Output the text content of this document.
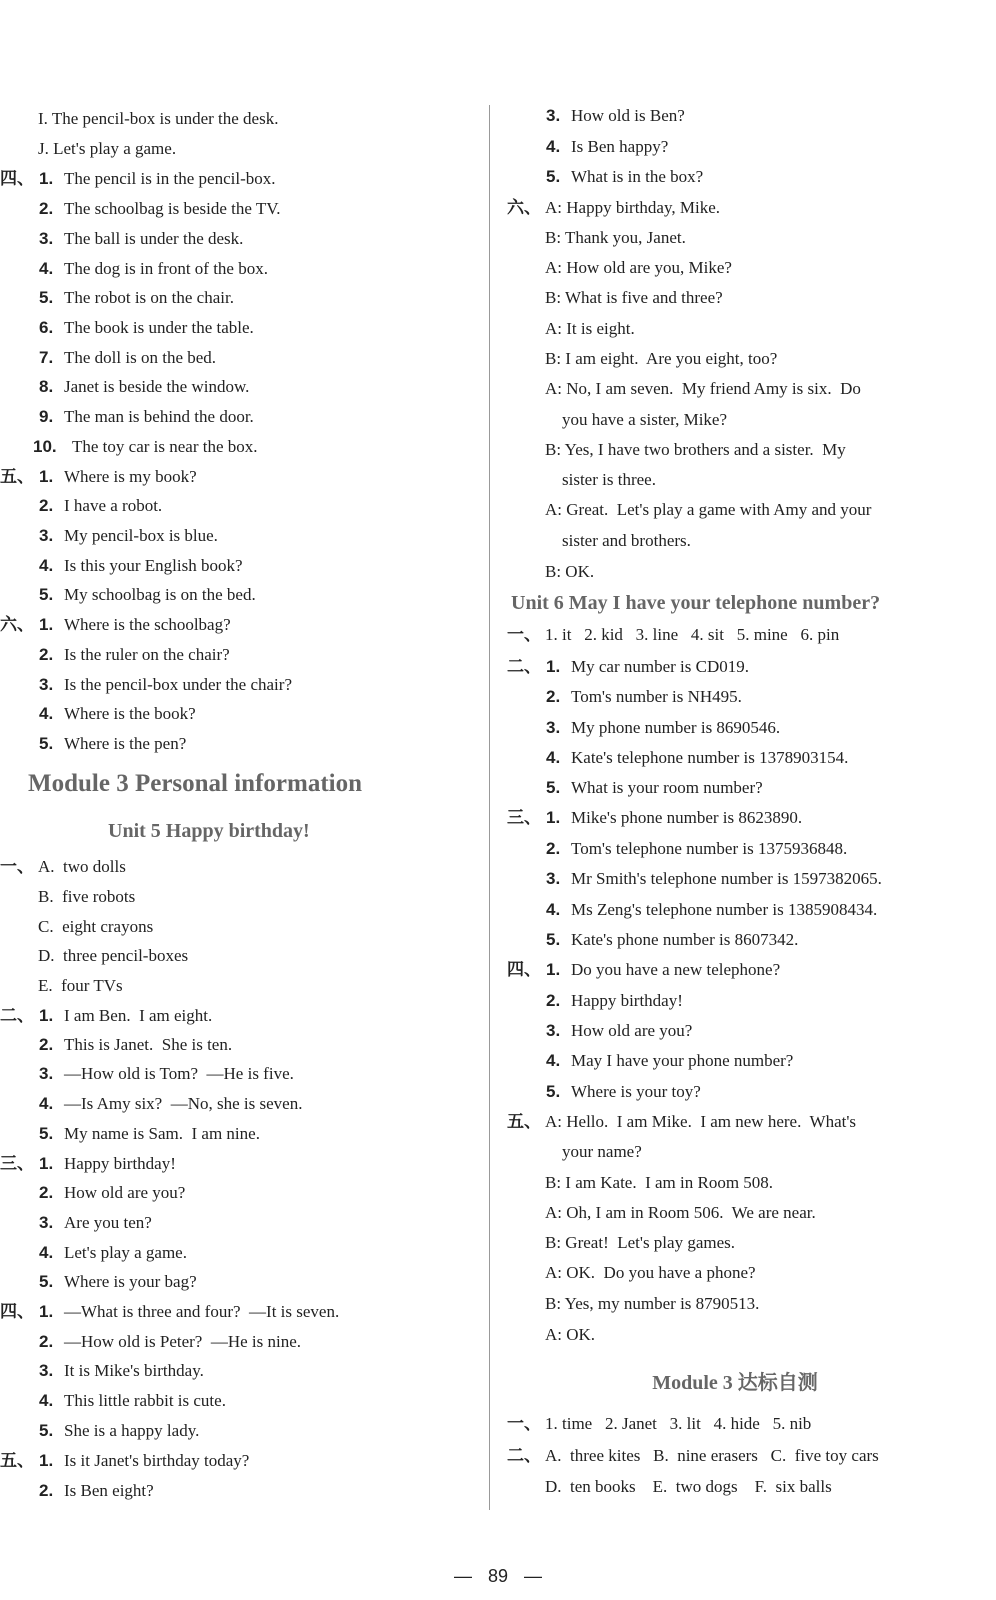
I. The pencil-box is under the desk.
J. Let's play a game.
四、 1. The pencil is in the pencil-box.
2. The schoolbag is beside the TV.
3. The ball is under the desk.
4. The dog is in front of the box.
5. The robot is on the chair.
6. The book is under the table.
7. The doll is on the bed.
8. Janet is beside the window.
9. The man is behind the door.
10. The toy car is near the box.
五、 1. Where is my book?
2. I have a robot.
3. My pencil-box is blue.
4. Is this your English book?
5. My schoolbag is on the bed.
六、 1. Where is the schoolbag?
2. Is the ruler on the chair?
3. Is the pencil-box under the chair?
4. Where is the book?
5. Where is the pen?
Module 3 Personal information
Unit 5 Happy birthday!
一、 A.  two dolls
B.  five robots
C.  eight crayons
D.  three pencil-boxes
E.  four TVs
二、 1. I am Ben.  I am eight.
2. This is Janet.  She is ten.
3. —How old is Tom?  —He is five.
4. —Is Amy six?  —No, she is seven.
5. My name is Sam.  I am nine.
三、 1. Happy birthday!
2. How old are you?
3. Are you ten?
4. Let's play a game.
5. Where is your bag?
四、 1. —What is three and four?  —It is seven.
2. —How old is Peter?  —He is nine.
3. It is Mike's birthday.
4. This little rabbit is cute.
5. She is a happy lady.
五、 1. Is it Janet's birthday today?
2. Is Ben eight?
3. How old is Ben?
4. Is Ben happy?
5. What is in the box?
六、 A: Happy birthday, Mike.
B: Thank you, Janet.
A: How old are you, Mike?
B: What is five and three?
A: It is eight.
B: I am eight.  Are you eight, too?
A: No, I am seven.  My friend Amy is six.  Do
you have a sister, Mike?
B: Yes, I have two brothers and a sister.  My
sister is three.
A: Great.  Let's play a game with Amy and your
sister and brothers.
B: OK.
Unit 6 May I have your telephone number?
一、 1. it   2. kid   3. line   4. sit   5. mine   6. pin
二、 1. My car number is CD019.
2. Tom's number is NH495.
3. My phone number is 8690546.
4. Kate's telephone number is 1378903154.
5. What is your room number?
三、 1. Mike's phone number is 8623890.
2. Tom's telephone number is 1375936848.
3. Mr Smith's telephone number is 1597382065.
4. Ms Zeng's telephone number is 1385908434.
5. Kate's phone number is 8607342.
四、 1. Do you have a new telephone?
2. Happy birthday!
3. How old are you?
4. May I have your phone number?
5. Where is your toy?
五、 A: Hello.  I am Mike.  I am new here.  What's
your name?
B: I am Kate.  I am in Room 508.
A: Oh, I am in Room 506.  We are near.
B: Great!  Let's play games.
A: OK.  Do you have a phone?
B: Yes, my number is 8790513.
A: OK.
Module 3 达标自测
一、 1. time   2. Janet   3. lit   4. hide   5. nib
二、 A.  three kites   B.  nine erasers   C.  five toy cars
D.  ten books    E.  two dogs    F.  six balls
— 89 —
